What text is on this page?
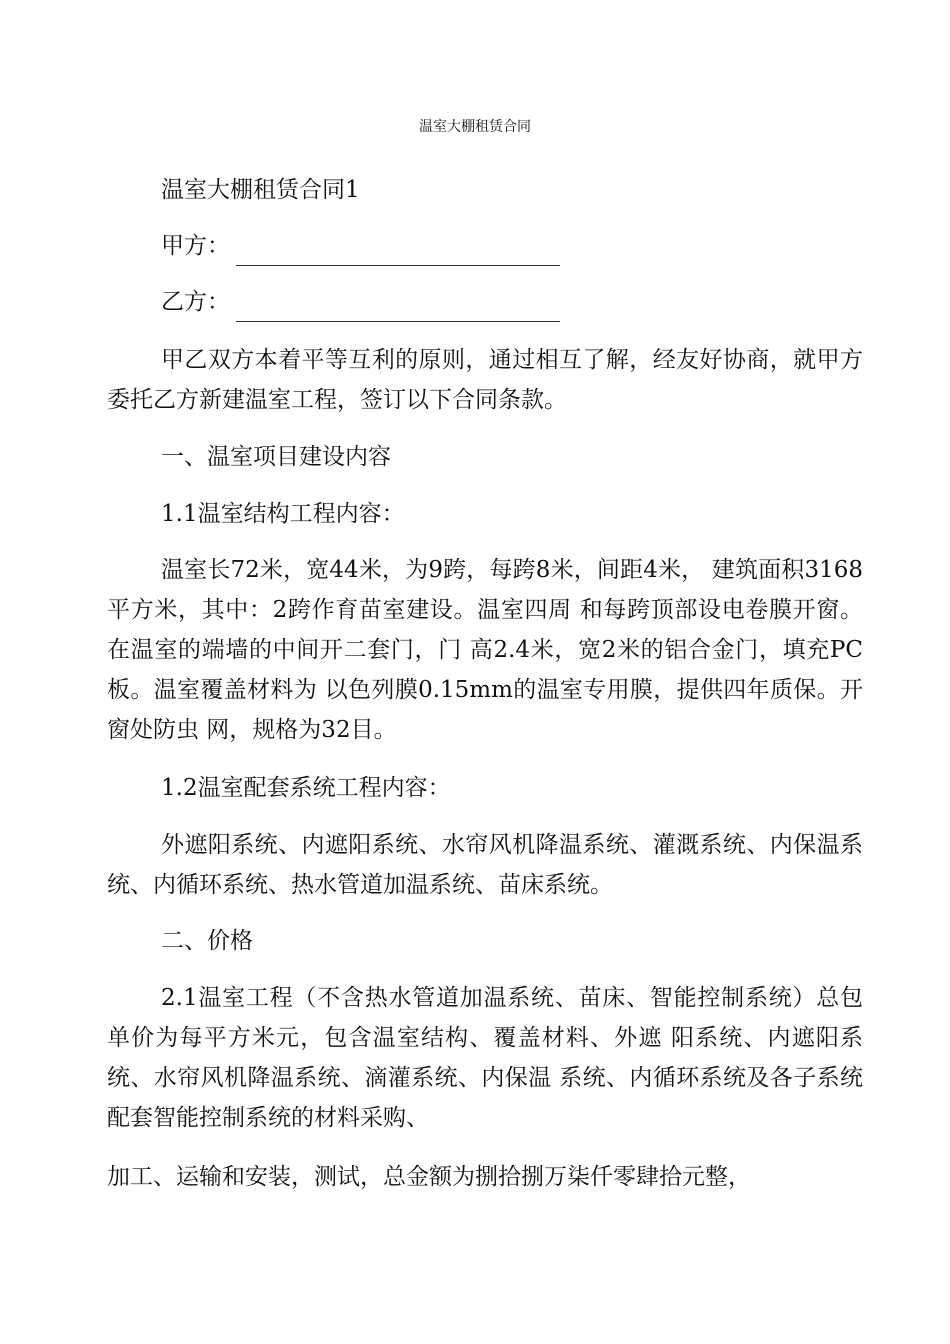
温室大棚租赁合同
温室大棚租赁合同1
甲方：
乙方：

甲乙双方本着平等互利的原则，通过相互了解，经友好协商，就甲方委托乙方新建温室工程，签订以下合同条款。

一、温室项目建设内容
1.1温室结构工程内容：

温室长72米，宽44米，为9跨，每跨8米，间距4米， 建筑面积3168平方米，其中：2跨作育苗室建设。温室四周 和每跨顶部设电卷膜开窗。在温室的端墙的中间开二套门，门 高2.4米，宽2米的铝合金门，填充PC板。温室覆盖材料为 以色列膜0.15mm的温室专用膜，提供四年质保。开窗处防虫 网，规格为32目。

1.2温室配套系统工程内容：

外遮阳系统、内遮阳系统、水帘风机降温系统、灌溉系统、内保温系统、内循环系统、热水管道加温系统、苗床系统。

二、价格

2.1温室工程（不含热水管道加温系统、苗床、智能控制系统）总包单价为每平方米元，包含温室结构、覆盖材料、外遮 阳系统、内遮阳系统、水帘风机降温系统、滴灌系统、内保温 系统、内循环系统及各子系统配套智能控制系统的材料采购、

加工、运输和安装，测试，总金额为捌拾捌万柒仟零肆拾元整，
